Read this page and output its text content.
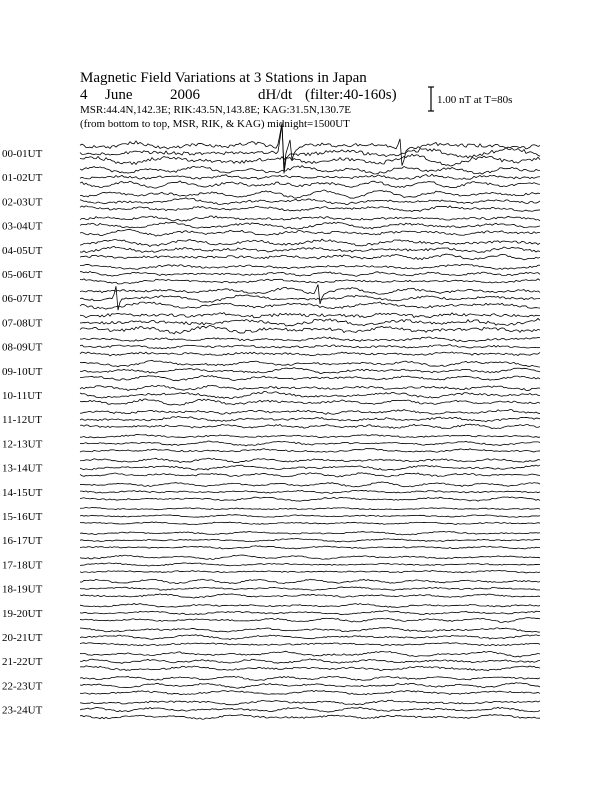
Magnetic Field Variations at 3 Stations in Japan
4 June	2006	dH/dt (filter:40-160s)
MSR:44.4N,142.3E; RIK:43.5N,143.8E; KAG:31.5N,130.7E
(from bottom to top, MSR, RIK, & KAG) midnight=1500UT
1.00 nT at T=80s
00-01UT
01-02UT
02-03UT
03-04UT
04-05UT
05-06UT
06-07UT
07-08UT
08-09UT
09-10UT
10-11UT
11-12UT
12-13UT
13-14UT
14-15UT
15-16UT
16-17UT
17-18UT
18-19UT
19-20UT
20-21UT
21-22UT
22-23UT
23-24UT
